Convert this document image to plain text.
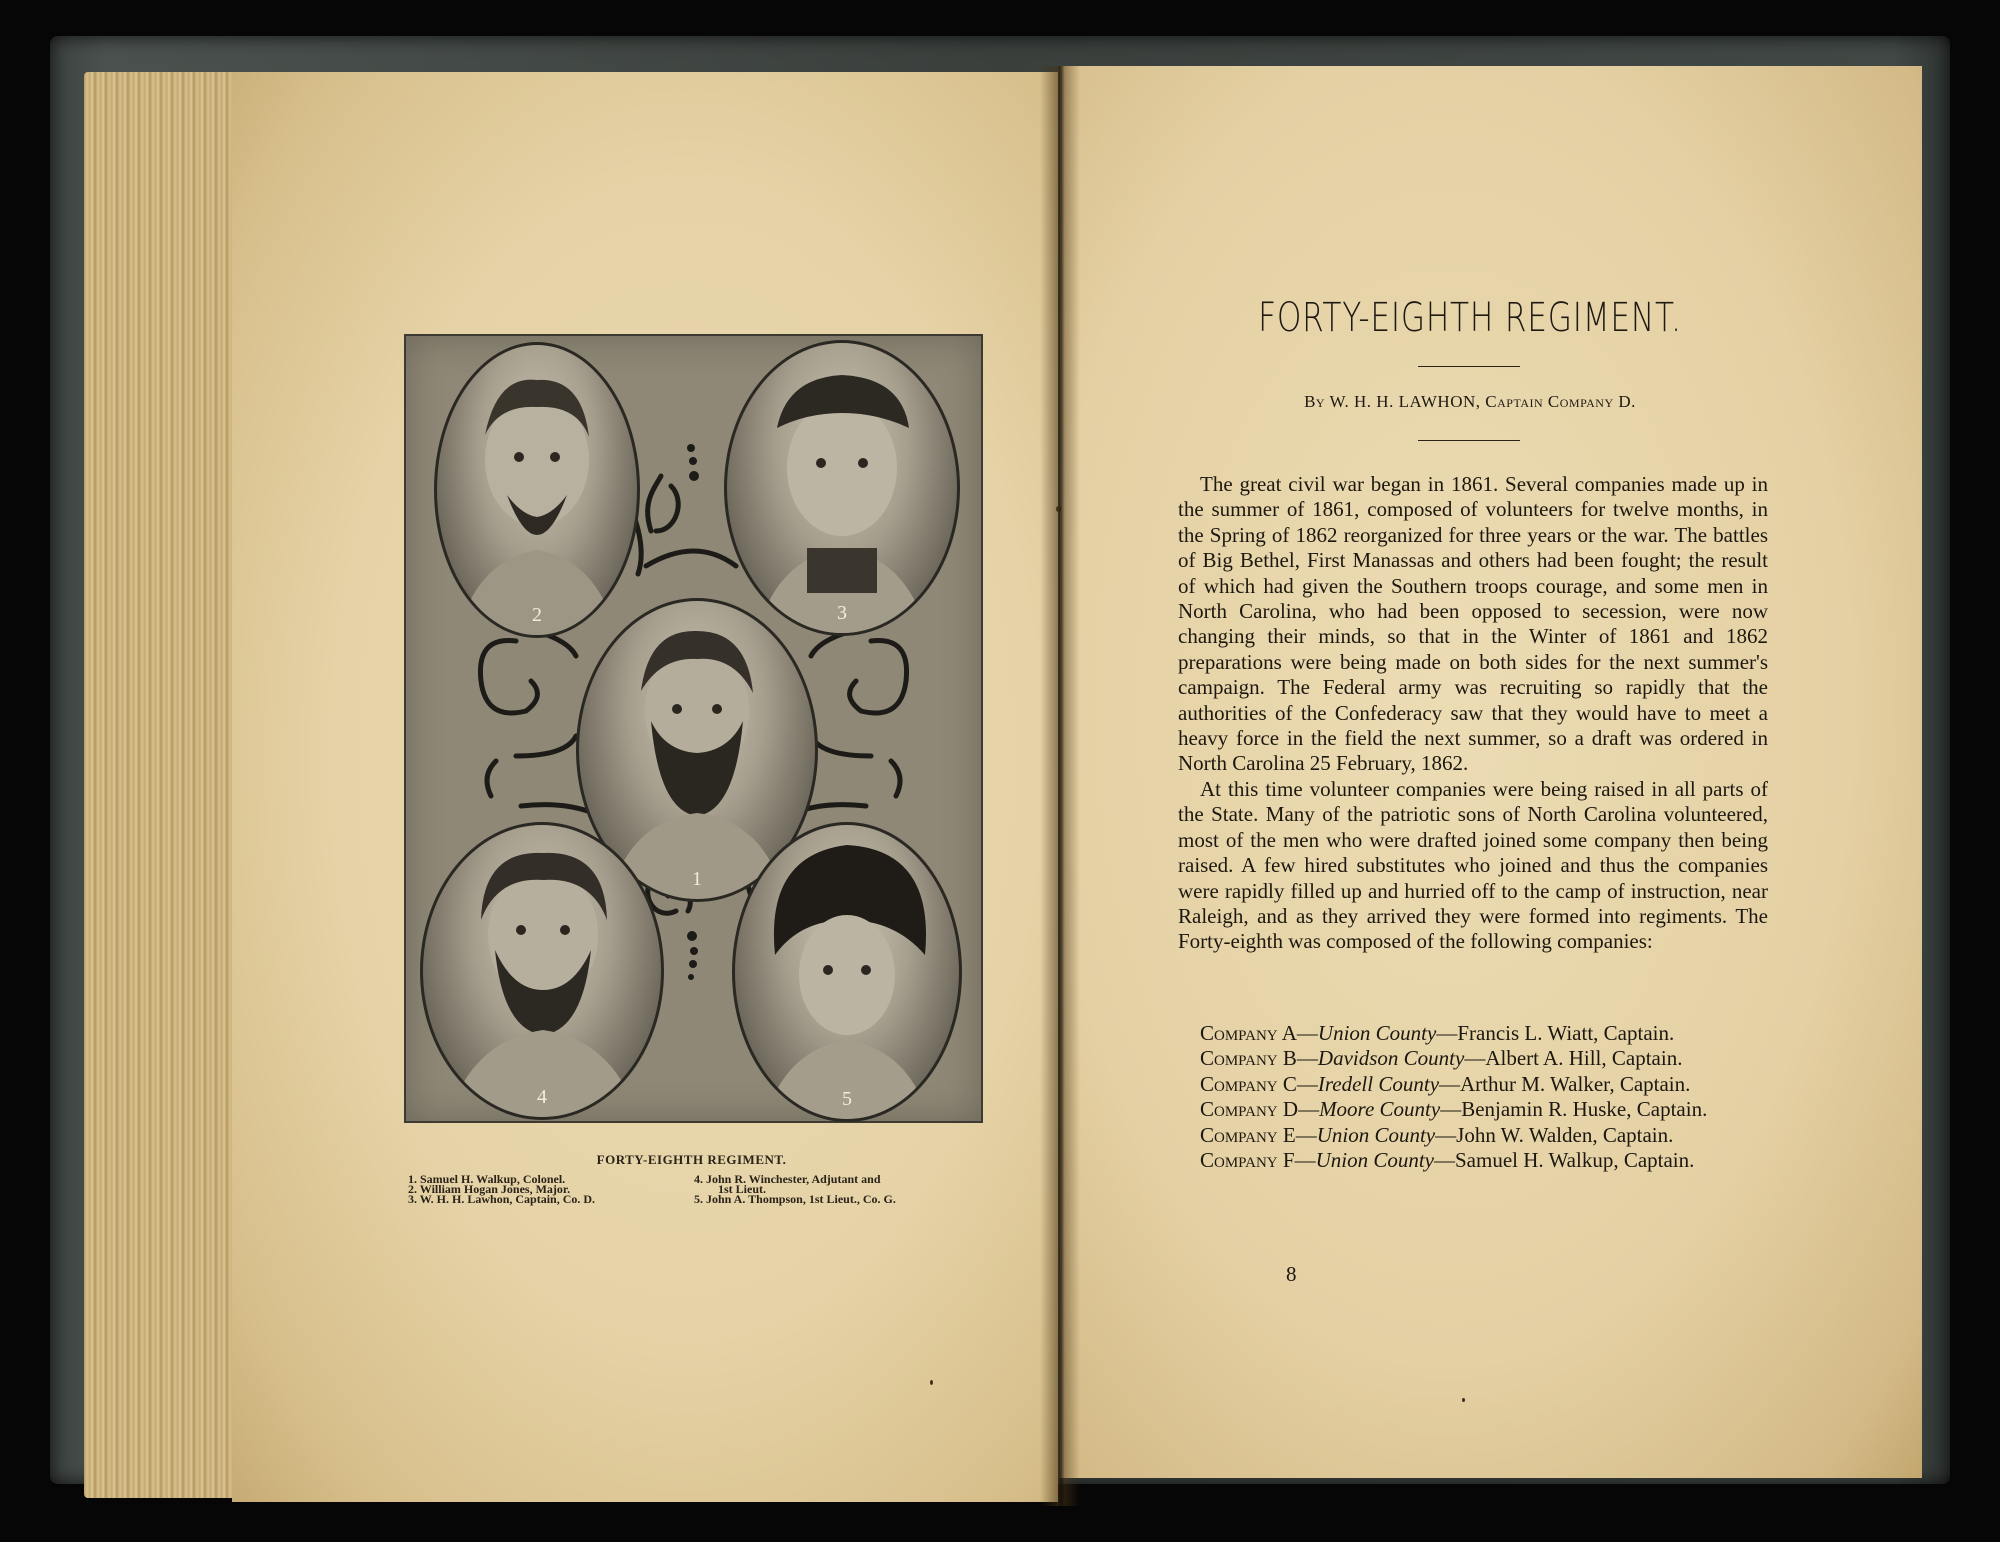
2	3
1
4	5
FORTY-EIGHTH REGIMENT.
1. Samuel H. Walkup, Colonel.
2. William Hogan Jones, Major.
3. W. H. H. Lawhon, Captain, Co. D.
4. John R. Winchester, Adjutant and
1st Lieut.
5. John A. Thompson, 1st Lieut., Co. G.
FORTY-EIGHTH REGIMENT.
By W. H. H. LAWHON, Captain Company D.

The great civil war began in 1861. Several companies made up in the summer of 1861, composed of volunteers for twelve months, in the Spring of 1862 reorganized for three years or the war. The battles of Big Bethel, First Manassas and others had been fought; the result of which had given the Southern troops courage, and some men in North Carolina, who had been opposed to secession, were now changing their minds, so that in the Winter of 1861 and 1862 preparations were being made on both sides for the next summer's campaign. The Federal army was recruiting so rapidly that the authorities of the Confederacy saw that they would have to meet a heavy force in the field the next summer, so a draft was ordered in North Carolina 25 February, 1862.

At this time volunteer companies were being raised in all parts of the State. Many of the patriotic sons of North Carolina volunteered, most of the men who were drafted joined some company then being raised. A few hired substitutes who joined and thus the companies were rapidly filled up and hurried off to the camp of instruction, near Raleigh, and as they arrived they were formed into regiments. The Forty-eighth was composed of the following companies:

Company A—Union County—Francis L. Wiatt, Captain.
Company B—Davidson County—Albert A. Hill, Captain.
Company C—Iredell County—Arthur M. Walker, Captain.
Company D—Moore County—Benjamin R. Huske, Captain.
Company E—Union County—John W. Walden, Captain.
Company F—Union County—Samuel H. Walkup, Captain.
8
